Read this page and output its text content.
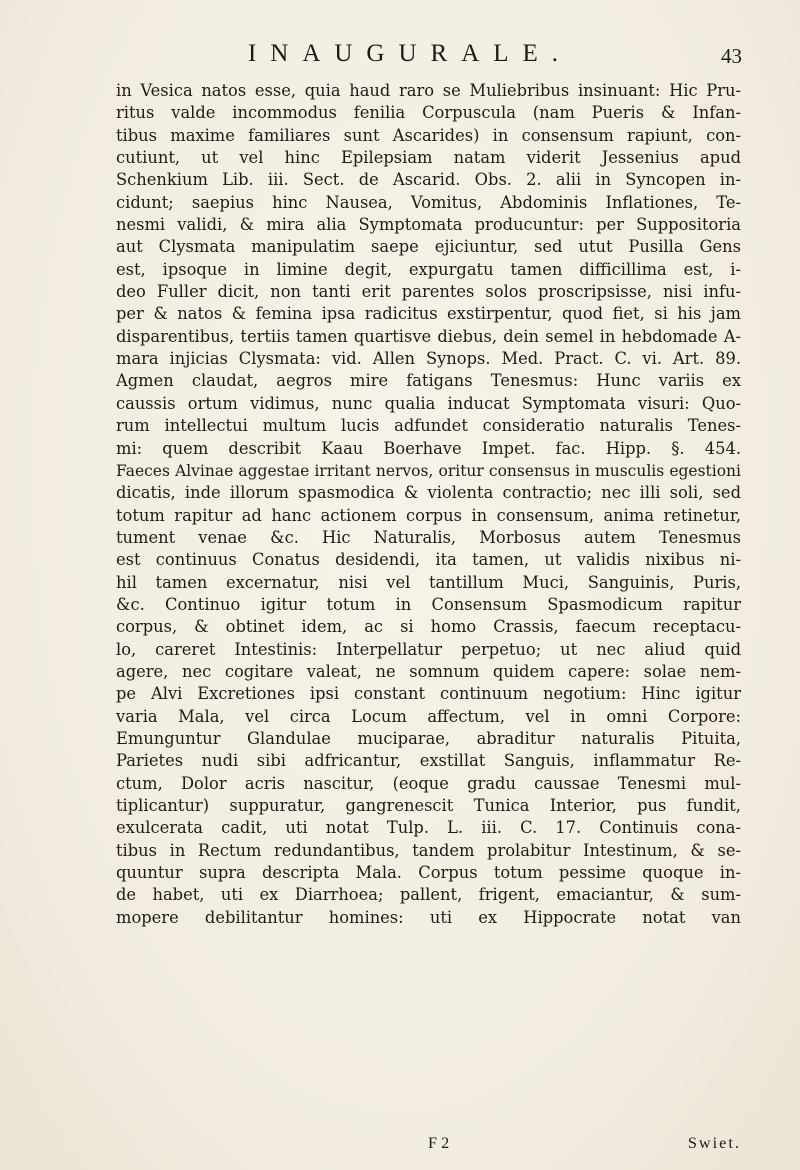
INAUGURALE.	43
in Vesica natos esse, quia haud raro se Muliebribus insinuant: Hic Pru-
ritus valde incommodus fenilia Corpuscula (nam Pueris & Infan-
tibus maxime familiares sunt Ascarides) in consensum rapiunt, con-
cutiunt, ut vel hinc Epilepsiam natam viderit Jessenius apud
Schenkium Lib. iii. Sect. de Ascarid. Obs. 2. alii in Syncopen in-
cidunt; saepius hinc Nausea, Vomitus, Abdominis Inflationes, Te-
nesmi validi, & mira alia Symptomata producuntur: per Suppositoria
aut Clysmata manipulatim saepe ejiciuntur, sed utut Pusilla Gens
est, ipsoque in limine degit, expurgatu tamen difficillima est, i-
deo Fuller dicit, non tanti erit parentes solos proscripsisse, nisi infu-
per & natos & femina ipsa radicitus exstirpentur, quod fiet, si his jam
disparentibus, tertiis tamen quartisve diebus, dein semel in hebdomade A-
mara injicias Clysmata: vid. Allen Synops. Med. Pract. C. vi. Art. 89.
Agmen claudat, aegros mire fatigans Tenesmus: Hunc variis ex
caussis ortum vidimus, nunc qualia inducat Symptomata visuri: Quo-
rum intellectui multum lucis adfundet consideratio naturalis Tenes-
mi: quem describit Kaau Boerhave Impet. fac. Hipp. §. 454.
Faeces Alvinae aggestae irritant nervos, oritur consensus in musculis egestioni
dicatis, inde illorum spasmodica & violenta contractio; nec illi soli, sed
totum rapitur ad hanc actionem corpus in consensum, anima retinetur,
tument venae &c. Hic Naturalis, Morbosus autem Tenesmus
est continuus Conatus desidendi, ita tamen, ut validis nixibus ni-
hil tamen excernatur, nisi vel tantillum Muci, Sanguinis, Puris,
&c. Continuo igitur totum in Consensum Spasmodicum rapitur
corpus, & obtinet idem, ac si homo Crassis, faecum receptacu-
lo, careret Intestinis: Interpellatur perpetuo; ut nec aliud quid
agere, nec cogitare valeat, ne somnum quidem capere: solae nem-
pe Alvi Excretiones ipsi constant continuum negotium: Hinc igitur
varia Mala, vel circa Locum affectum, vel in omni Corpore:
Emunguntur Glandulae muciparae, abraditur naturalis Pituita,
Parietes nudi sibi adfricantur, exstillat Sanguis, inflammatur Re-
ctum, Dolor acris nascitur, (eoque gradu caussae Tenesmi mul-
tiplicantur) suppuratur, gangrenescit Tunica Interior, pus fundit,
exulcerata cadit, uti notat Tulp. L. iii. C. 17. Continuis cona-
tibus in Rectum redundantibus, tandem prolabitur Intestinum, & se-
quuntur supra descripta Mala. Corpus totum pessime quoque in-
de habet, uti ex Diarrhoea; pallent, frigent, emaciantur, & sum-
mopere debilitantur homines: uti ex Hippocrate notat van
F 2	Swiet.
